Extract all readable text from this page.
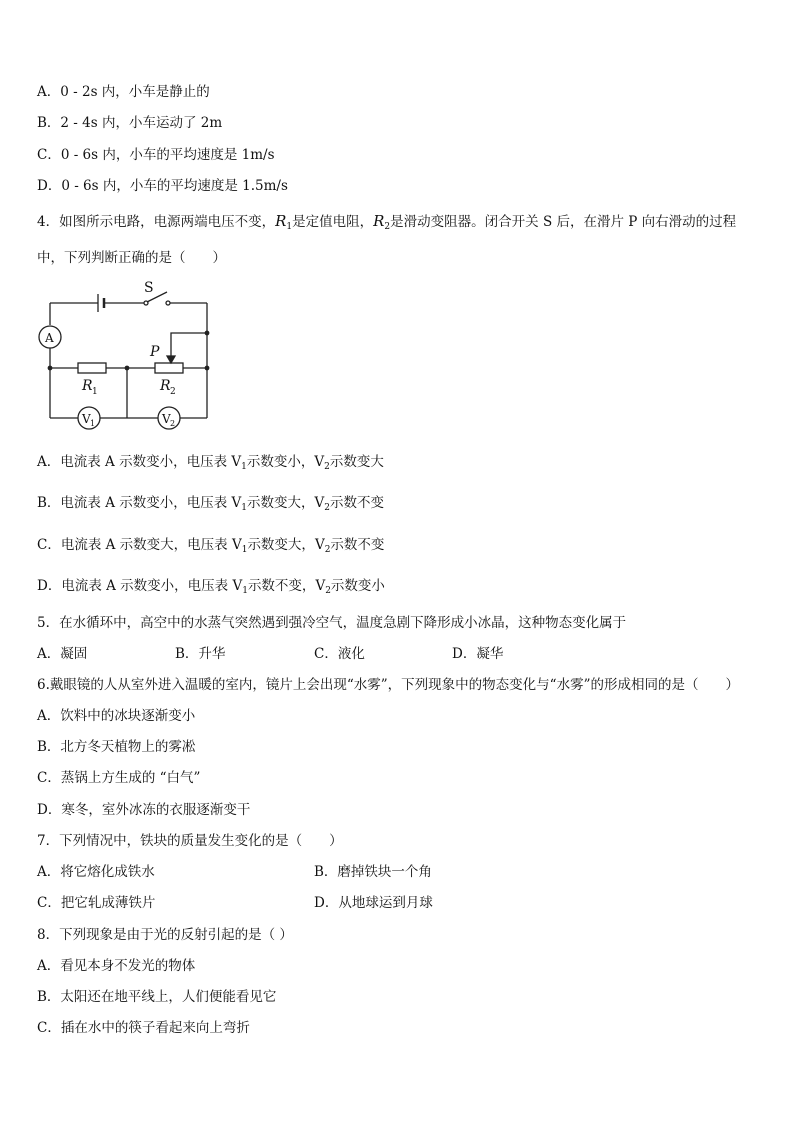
A．0 - 2s 内，小车是静止的
B．2 - 4s 内，小车运动了 2m
C．0 - 6s 内，小车的平均速度是 1m/s
D．0 - 6s 内，小车的平均速度是 1.5m/s
4．如图所示电路，电源两端电压不变，$R_1$是定值电阻，$R_2$是滑动变阻器。闭合开关 S 后，在滑片 P 向右滑动的过程
中，下列判断正确的是（　　）
S
P
A
R 1	R 2
V 1	V 2
A．电流表 A 示数变小，电压表 $V_1$示数变小，$V_2$示数变大
B．电流表 A 示数变小，电压表 $V_1$示数变大，$V_2$示数不变
C．电流表 A 示数变大，电压表 $V_1$示数变大，$V_2$示数不变
D．电流表 A 示数变小，电压表 $V_1$示数不变，$V_2$示数变小
5．在水循环中，高空中的水蒸气突然遇到强冷空气，温度急剧下降形成小冰晶，这种物态变化属于
A．凝固	B．升华	C．液化	D．凝华
6.戴眼镜的人从室外进入温暖的室内，镜片上会出现“水雾”，下列现象中的物态变化与“水雾”的形成相同的是（　　）
A．饮料中的冰块逐渐变小
B．北方冬天植物上的雾凇
C．蒸锅上方生成的 “白气”
D．寒冬，室外冰冻的衣服逐渐变干
7．下列情况中，铁块的质量发生变化的是（　　）
A．将它熔化成铁水	B．磨掉铁块一个角
C．把它轧成薄铁片	D．从地球运到月球
8．下列现象是由于光的反射引起的是（ ）
A．看见本身不发光的物体
B．太阳还在地平线上，人们便能看见它
C．插在水中的筷子看起来向上弯折
